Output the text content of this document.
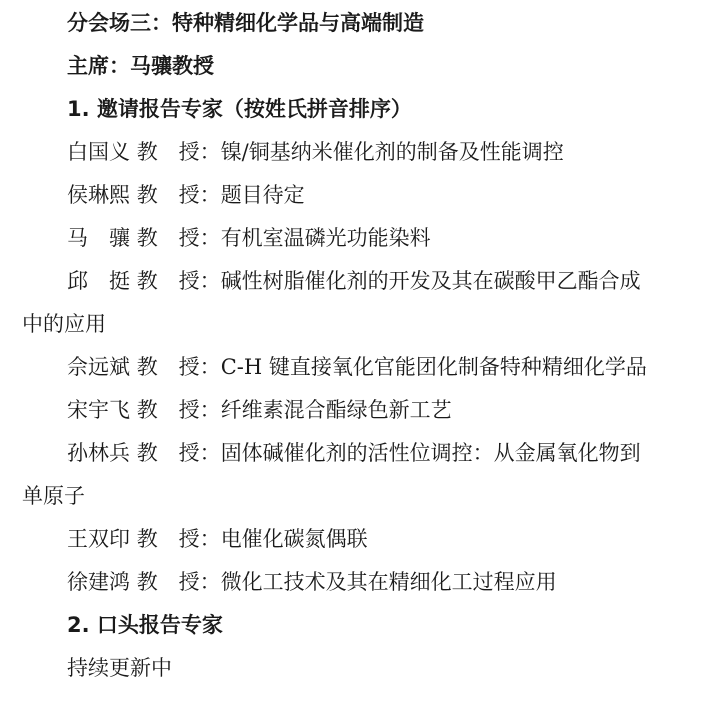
分会场三：特种精细化学品与高端制造
主席：马骧教授
1. 邀请报告专家（按姓氏拼音排序）
白国义 教　授：镍/铜基纳米催化剂的制备及性能调控
侯琳熙 教　授：题目待定
马　骧 教　授：有机室温磷光功能染料
邱　挺 教　授：碱性树脂催化剂的开发及其在碳酸甲乙酯合成
中的应用
佘远斌 教　授：C-H 键直接氧化官能团化制备特种精细化学品
宋宇飞 教　授：纤维素混合酯绿色新工艺
孙林兵 教　授：固体碱催化剂的活性位调控：从金属氧化物到
单原子
王双印 教　授：电催化碳氮偶联
徐建鸿 教　授：微化工技术及其在精细化工过程应用
2. 口头报告专家
持续更新中
